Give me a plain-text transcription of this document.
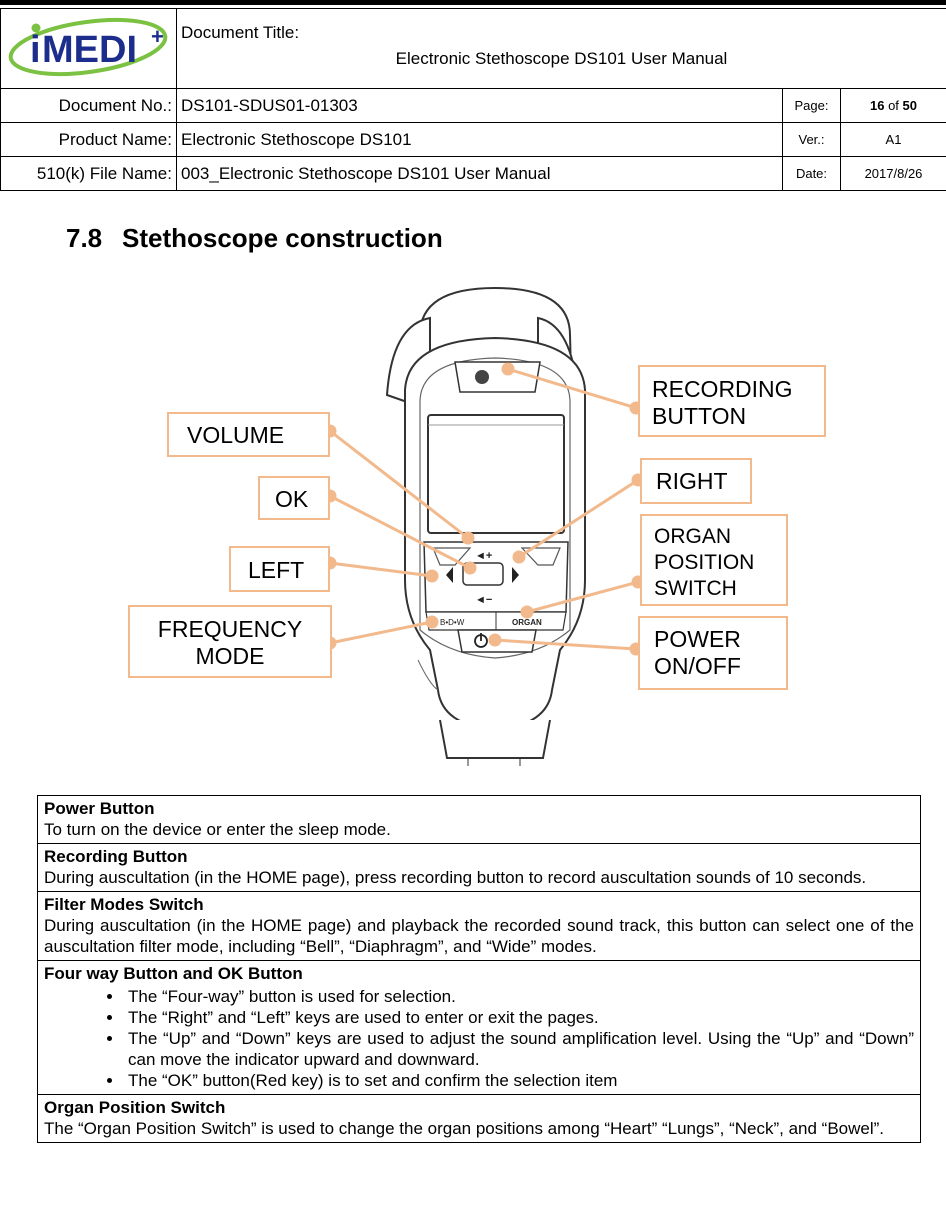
i MEDI +	Document Title:
Electronic Stethoscope DS101 User Manual		

Document No.:	DS101-SDUS01-01303	Page:	16 of 50
Product Name:	Electronic Stethoscope DS101	Ver.:	A1
510(k) File Name:	003_Electronic Stethoscope DS101 User Manual	Date:	2017/8/26
7.8 Stethoscope construction
◄+
◄−
B•D•W	ORGAN
RECORDING
BUTTON
VOLUME
RIGHT
OK
LEFT
ORGAN
POSITION
SWITCH
FREQUENCY
MODE
POWER
ON/OFF
Power Button
To turn on the device or enter the sleep mode.

Recording Button
During auscultation (in the HOME page), press recording button to record auscultation sounds of 10 seconds.

Filter Modes Switch
During auscultation (in the HOME page) and playback the recorded sound track, this button can select one of the auscultation filter mode, including “Bell”, “Diaphragm”, and “Wide” modes.

Four way Button and OK Button
• The “Four-way” button is used for selection.
• The “Right” and “Left” keys are used to enter or exit the pages.
• The “Up” and “Down” keys are used to adjust the sound amplification level. Using the “Up” and “Down” can move the indicator upward and downward.
• The “OK” button(Red key) is to set and confirm the selection item

Organ Position Switch
The “Organ Position Switch” is used to change the organ positions among “Heart” “Lungs”, “Neck”, and “Bowel”.
